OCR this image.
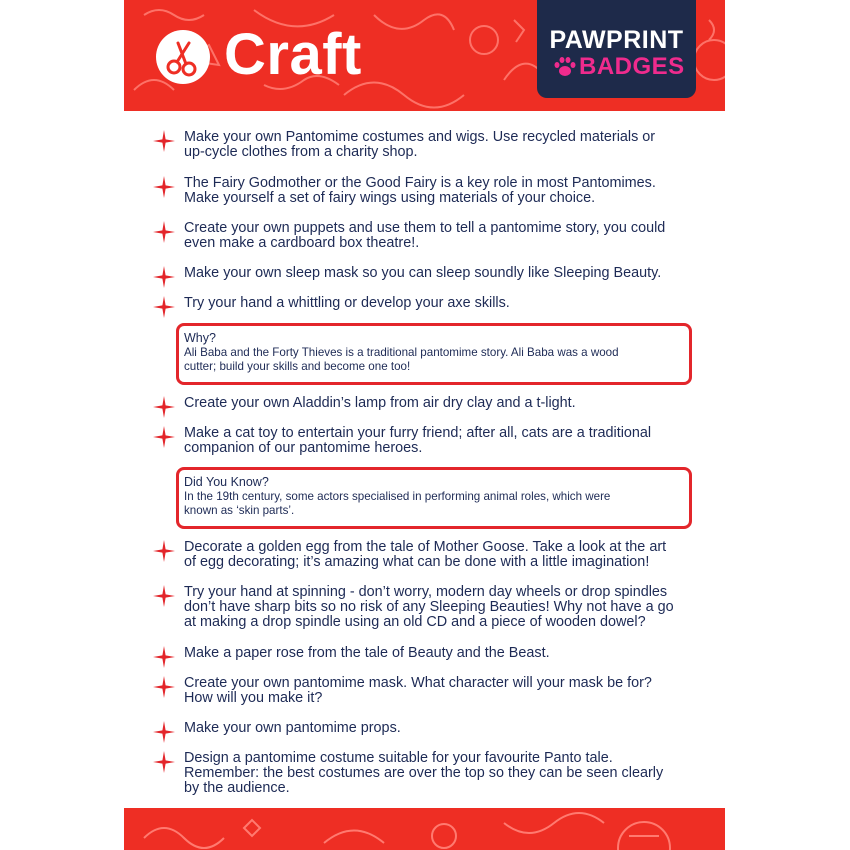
Craft	PAWPRINT
BADGES
Make your own Pantomime costumes and wigs. Use recycled materials or
up-cycle clothes from a charity shop.
The Fairy Godmother or the Good Fairy is a key role in most Pantomimes.
Make yourself a set of fairy wings using materials of your choice.
Create your own puppets and use them to tell a pantomime story, you could
even make a cardboard box theatre!.
Make your own sleep mask so you can sleep soundly like Sleeping Beauty.
Try your hand a whittling or develop your axe skills.
Why?
Ali Baba and the Forty Thieves is a traditional pantomime story. Ali Baba was a wood
cutter; build your skills and become one too!
Create your own Aladdin’s lamp from air dry clay and a t-light.
Make a cat toy to entertain your furry friend; after all, cats are a traditional
companion of our pantomime heroes.
Did You Know?
In the 19th century, some actors specialised in performing animal roles, which were
known as ‘skin parts’.
Decorate a golden egg from the tale of Mother Goose. Take a look at the art
of egg decorating; it’s amazing what can be done with a little imagination!
Try your hand at spinning - don’t worry, modern day wheels or drop spindles
don’t have sharp bits so no risk of any Sleeping Beauties! Why not have a go
at making a drop spindle using an old CD and a piece of wooden dowel?
Make a paper rose from the tale of Beauty and the Beast.
Create your own pantomime mask. What character will your mask be for?
How will you make it?
Make your own pantomime props.
Design a pantomime costume suitable for your favourite Panto tale.
Remember: the best costumes are over the top so they can be seen clearly
by the audience.
